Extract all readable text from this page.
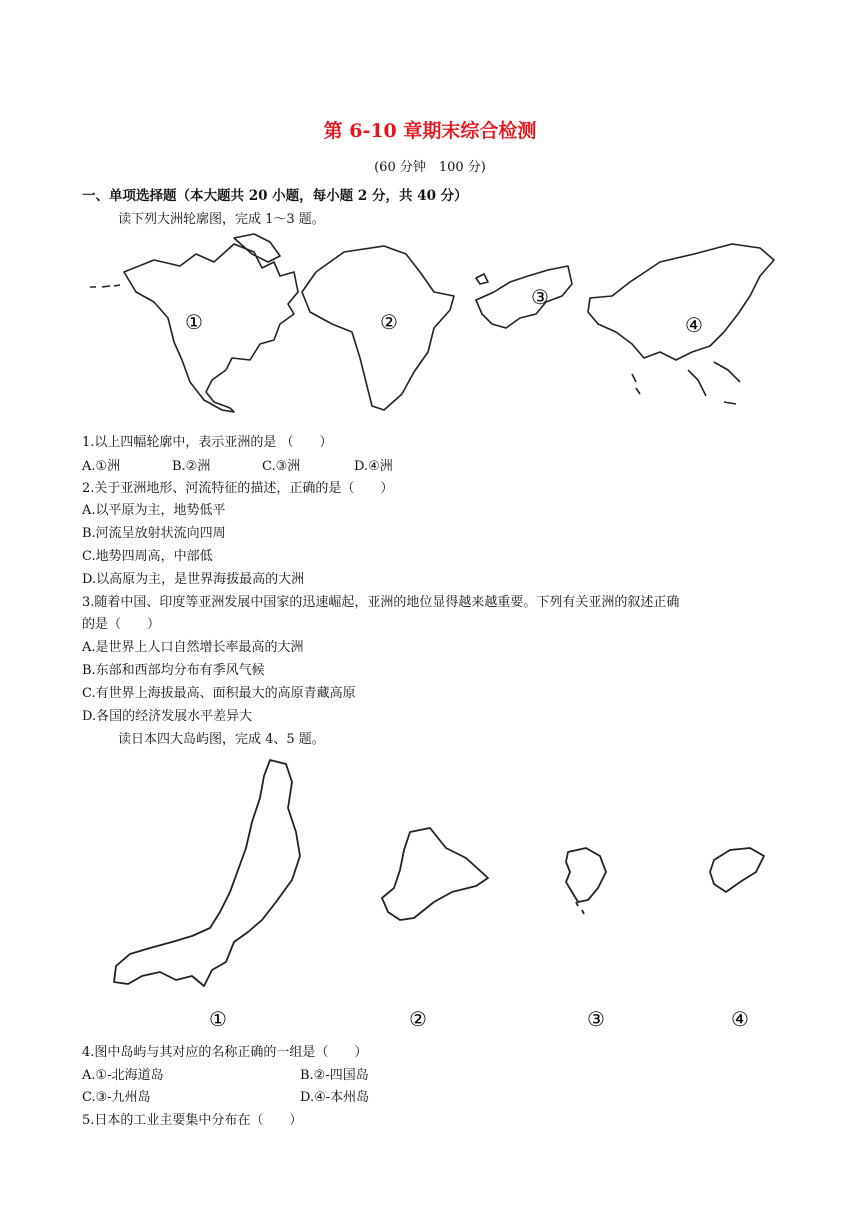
第 6-10 章期末综合检测
(60 分钟　100 分)
一、单项选择题（本大题共 20 小题，每小题 2 分，共 40 分）
读下列大洲轮廓图，完成 1～3 题。
①	②
③
④
1.以上四幅轮廓中，表示亚洲的是 （　　）
A.①洲	B.②洲	C.③洲	D.④洲
2.关于亚洲地形、河流特征的描述，正确的是（　　）
A.以平原为主，地势低平
B.河流呈放射状流向四周
C.地势四周高，中部低
D.以高原为主，是世界海拔最高的大洲
3.随着中国、印度等亚洲发展中国家的迅速崛起，亚洲的地位显得越来越重要。下列有关亚洲的叙述正确
的是（　　）
A.是世界上人口自然增长率最高的大洲
B.东部和西部均分布有季风气候
C.有世界上海拔最高、面积最大的高原青藏高原
D.各国的经济发展水平差异大
读日本四大岛屿图，完成 4、5 题。
①	②	③	④
4.图中岛屿与其对应的名称正确的一组是（　　）
A.①-北海道岛	B.②-四国岛
C.③-九州岛	D.④-本州岛
5.日本的工业主要集中分布在（　　）
